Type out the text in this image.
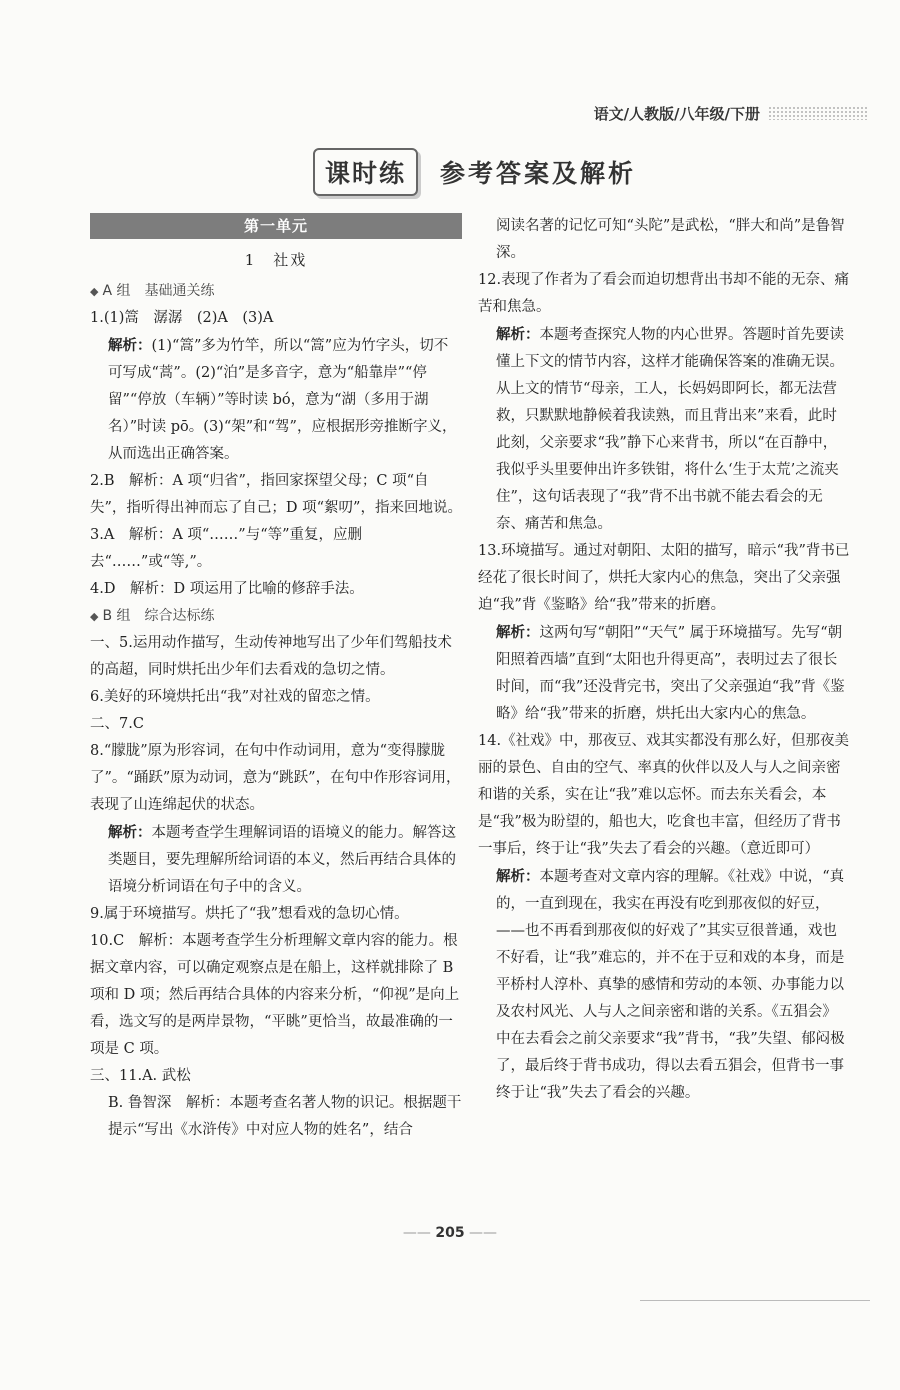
语文/人教版/八年级/下册
课时练	参考答案及解析
第一单元
1　社戏

◆ A 组　基础通关练

1.(1)篙　潺潺　(2)A　(3)A

解析：(1)“篙”多为竹竿，所以“篙”应为竹字头，切不可写成“蒿”。(2)“泊”是多音字，意为“船靠岸”“停留”“停放（车辆）”等时读 bó，意为“湖（多用于湖名）”时读 pō。(3)“架”和“驾”，应根据形旁推断字义，从而选出正确答案。

2.B　解析：A 项“归省”，指回家探望父母；C 项“自失”，指听得出神而忘了自己；D 项“絮叨”，指来回地说。

3.A　解析：A 项“……”与“等”重复，应删去“……”或“等,”。

4.D　解析：D 项运用了比喻的修辞手法。

◆ B 组　综合达标练

一、5.运用动作描写，生动传神地写出了少年们驾船技术的高超，同时烘托出少年们去看戏的急切之情。

6.美好的环境烘托出“我”对社戏的留恋之情。

二、7.C

8.“朦胧”原为形容词，在句中作动词用，意为“变得朦胧了”。“踊跃”原为动词，意为“跳跃”，在句中作形容词用，表现了山连绵起伏的状态。

解析：本题考查学生理解词语的语境义的能力。解答这类题目，要先理解所给词语的本义，然后再结合具体的语境分析词语在句子中的含义。

9.属于环境描写。烘托了“我”想看戏的急切心情。

10.C　解析：本题考查学生分析理解文章内容的能力。根据文章内容，可以确定观察点是在船上，这样就排除了 B 项和 D 项；然后再结合具体的内容来分析，“仰视”是向上看，选文写的是两岸景物，“平眺”更恰当，故最准确的一项是 C 项。

三、11.A. 武松

B. 鲁智深　解析：本题考查名著人物的识记。根据题干提示“写出《水浒传》中对应人物的姓名”，结合

阅读名著的记忆可知“头陀”是武松，“胖大和尚”是鲁智深。

12.表现了作者为了看会而迫切想背出书却不能的无奈、痛苦和焦急。

解析：本题考查探究人物的内心世界。答题时首先要读懂上下文的情节内容，这样才能确保答案的准确无误。从上文的情节“母亲，工人，长妈妈即阿长，都无法营救，只默默地静候着我读熟，而且背出来”来看，此时此刻，父亲要求“我”静下心来背书，所以“在百静中，我似乎头里要伸出许多铁钳，将什么‘生于太荒’之流夹住”，这句话表现了“我”背不出书就不能去看会的无奈、痛苦和焦急。

13.环境描写。通过对朝阳、太阳的描写，暗示“我”背书已经花了很长时间了，烘托大家内心的焦急，突出了父亲强迫“我”背《鉴略》给“我”带来的折磨。

解析：这两句写“朝阳”“天气” 属于环境描写。先写“朝阳照着西墙”直到“太阳也升得更高”，表明过去了很长时间，而“我”还没背完书，突出了父亲强迫“我”背《鉴略》给“我”带来的折磨，烘托出大家内心的焦急。

14.《社戏》中，那夜豆、戏其实都没有那么好，但那夜美丽的景色、自由的空气、率真的伙伴以及人与人之间亲密和谐的关系，实在让“我”难以忘怀。而去东关看会，本是“我”极为盼望的，船也大，吃食也丰富，但经历了背书一事后，终于让“我”失去了看会的兴趣。（意近即可）

解析：本题考查对文章内容的理解。《社戏》中说，“真的，一直到现在，我实在再没有吃到那夜似的好豆，——也不再看到那夜似的好戏了”其实豆很普通，戏也不好看，让“我”难忘的，并不在于豆和戏的本身，而是平桥村人淳朴、真挚的感情和劳动的本领、办事能力以及农村风光、人与人之间亲密和谐的关系。《五猖会》中在去看会之前父亲要求“我”背书，“我”失望、郁闷极了，最后终于背书成功，得以去看五猖会，但背书一事终于让“我”失去了看会的兴趣。

—— 205 ——
